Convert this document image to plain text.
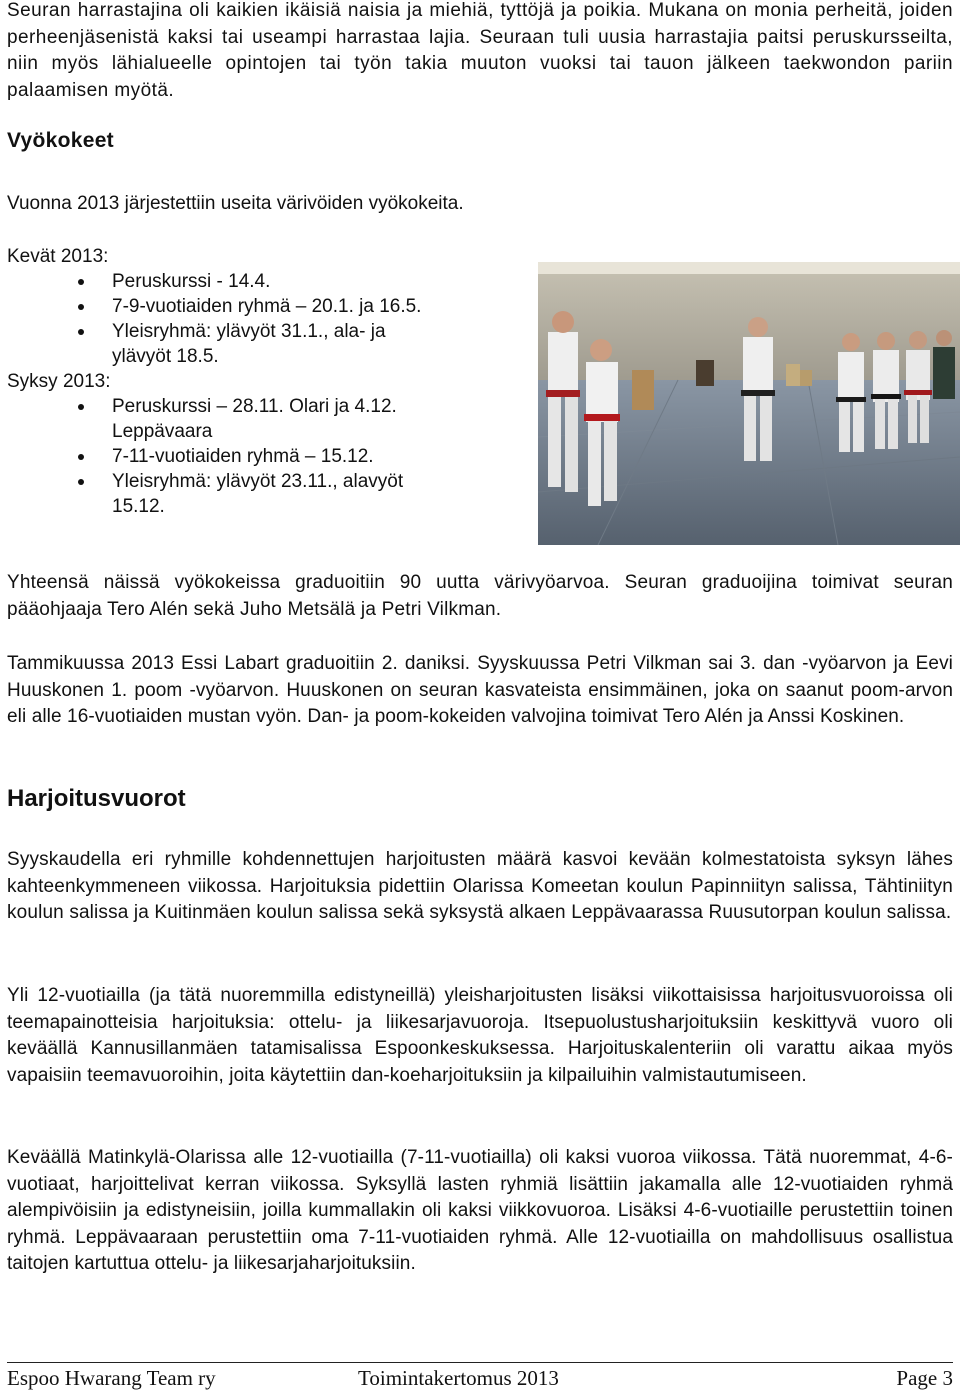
Seuran harrastajina oli kaikien ikäisiä naisia ja miehiä, tyttöjä ja poikia. Mukana on monia perheitä, joiden perheenjäsenistä kaksi tai useampi harrastaa lajia. Seuraan tuli uusia harrastajia paitsi peruskursseilta, niin myös lähialueelle opintojen tai työn takia muuton vuoksi tai tauon jälkeen taekwondon pariin palaamisen myötä.

Vyökokeet

Vuonna 2013 järjestettiin useita värivöiden vyökokeita.

Kevät 2013:

Peruskurssi - 14.4.
7-9-vuotiaiden ryhmä – 20.1. ja 16.5.
Yleisryhmä: ylävyöt 31.1., ala- ja ylävyöt 18.5.

Syksy 2013:

Peruskurssi – 28.11. Olari ja 4.12. Leppävaara
7-11-vuotiaiden ryhmä – 15.12.
Yleisryhmä: ylävyöt 23.11., alavyöt 15.12.

Yhteensä näissä vyökokeissa graduoitiin 90 uutta värivyöarvoa. Seuran graduoijina toimivat seuran pääohjaaja Tero Alén sekä Juho Metsälä ja Petri Vilkman.

Tammikuussa 2013 Essi Labart graduoitiin 2. daniksi. Syyskuussa Petri Vilkman sai 3. dan -vyöarvon ja Eevi Huuskonen 1. poom -vyöarvon. Huuskonen on seuran kasvateista ensimmäinen, joka on saanut poom-arvon eli alle 16-vuotiaiden mustan vyön. Dan- ja poom-kokeiden valvojina toimivat Tero Alén ja Anssi Koskinen.

Harjoitusvuorot

Syyskaudella eri ryhmille kohdennettujen harjoitusten määrä kasvoi kevään kolmestatoista syksyn lähes kahteenkymmeneen viikossa. Harjoituksia pidettiin Olarissa Komeetan koulun Papinniityn salissa, Tähtiniityn koulun salissa ja Kuitinmäen koulun salissa sekä syksystä alkaen Leppävaarassa Ruusutorpan koulun salissa.

Yli 12-vuotiailla (ja tätä nuoremmilla edistyneillä) yleisharjoitusten lisäksi viikottaisissa harjoitusvuoroissa oli teemapainotteisia harjoituksia: ottelu- ja liikesarjavuoroja. Itsepuolustusharjoituksiin keskittyvä vuoro oli keväällä Kannusillanmäen tatamisalissa Espoonkeskuksessa. Harjoituskalenteriin oli varattu aikaa myös vapaisiin teemavuoroihin, joita käytettiin dan-koeharjoituksiin ja kilpailuihin valmistautumiseen.

Keväällä Matinkylä-Olarissa alle 12-vuotiailla (7-11-vuotiailla) oli kaksi vuoroa viikossa. Tätä nuoremmat, 4-6-vuotiaat, harjoittelivat kerran viikossa. Syksyllä lasten ryhmiä lisättiin jakamalla alle 12-vuotiaiden ryhmä alempivöisiin ja edistyneisiin, joilla kummallakin oli kaksi viikkovuoroa. Lisäksi 4-6-vuotiaille perustettiin toinen ryhmä. Leppävaaraan perustettiin oma 7-11-vuotiaiden ryhmä. Alle 12-vuotiailla on mahdollisuus osallistua taitojen kartuttua ottelu- ja liikesarjaharjoituksiin.

Espoo Hwarang Team ry	Toimintakertomus 2013	Page 3
